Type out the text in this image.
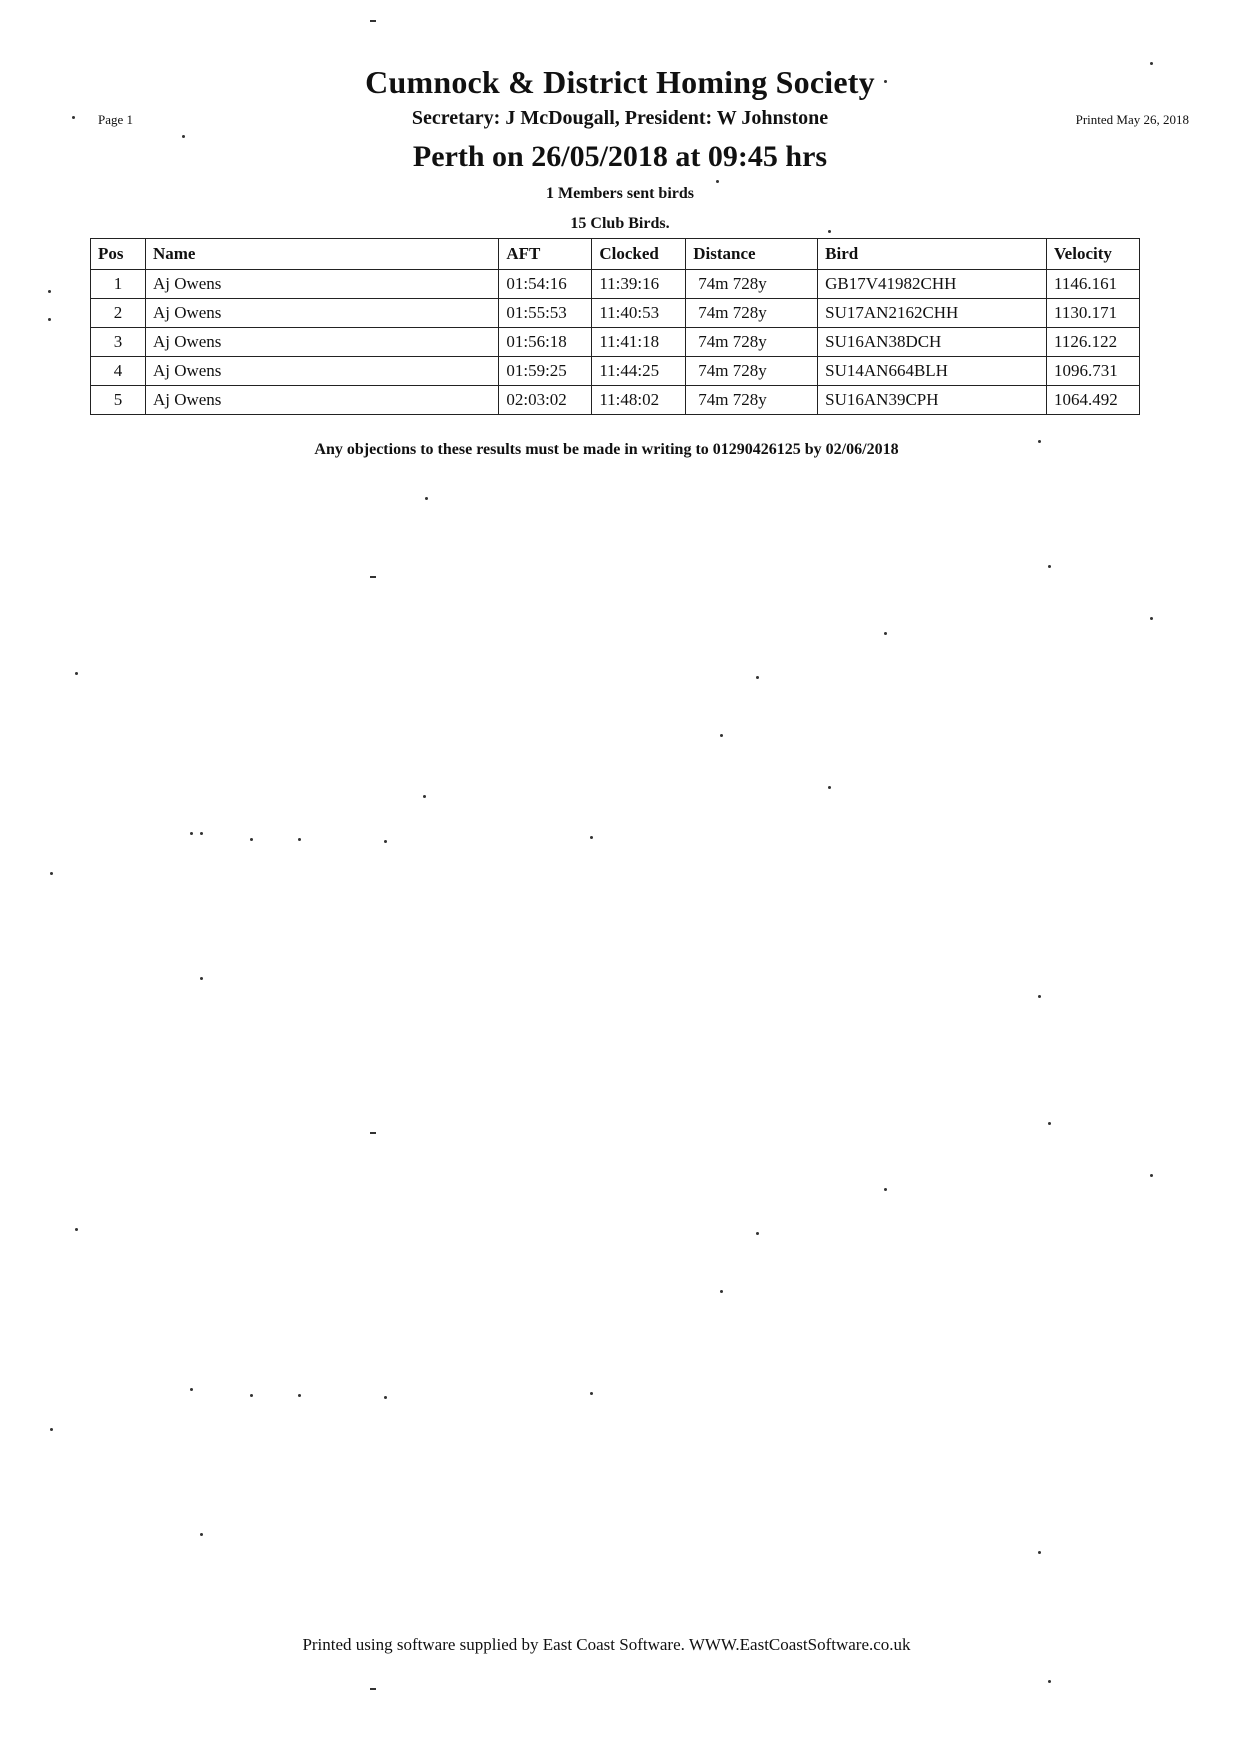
Page 1	Printed May 26, 2018
Cumnock & District Homing Society
Secretary: J McDougall, President: W Johnstone
Perth on 26/05/2018 at 09:45 hrs
1 Members sent birds
15 Club Birds.
Pos	Name	AFT	Clocked	Distance	Bird	Velocity
1	Aj Owens	01:54:16	11:39:16	74m 728y	GB17V41982CHH	1146.161
2	Aj Owens	01:55:53	11:40:53	74m 728y	SU17AN2162CHH	1130.171
3	Aj Owens	01:56:18	11:41:18	74m 728y	SU16AN38DCH	1126.122
4	Aj Owens	01:59:25	11:44:25	74m 728y	SU14AN664BLH	1096.731
5	Aj Owens	02:03:02	11:48:02	74m 728y	SU16AN39CPH	1064.492
Any objections to these results must be made in writing to 01290426125 by 02/06/2018
Printed using software supplied by East Coast Software. WWW.EastCoastSoftware.co.uk
